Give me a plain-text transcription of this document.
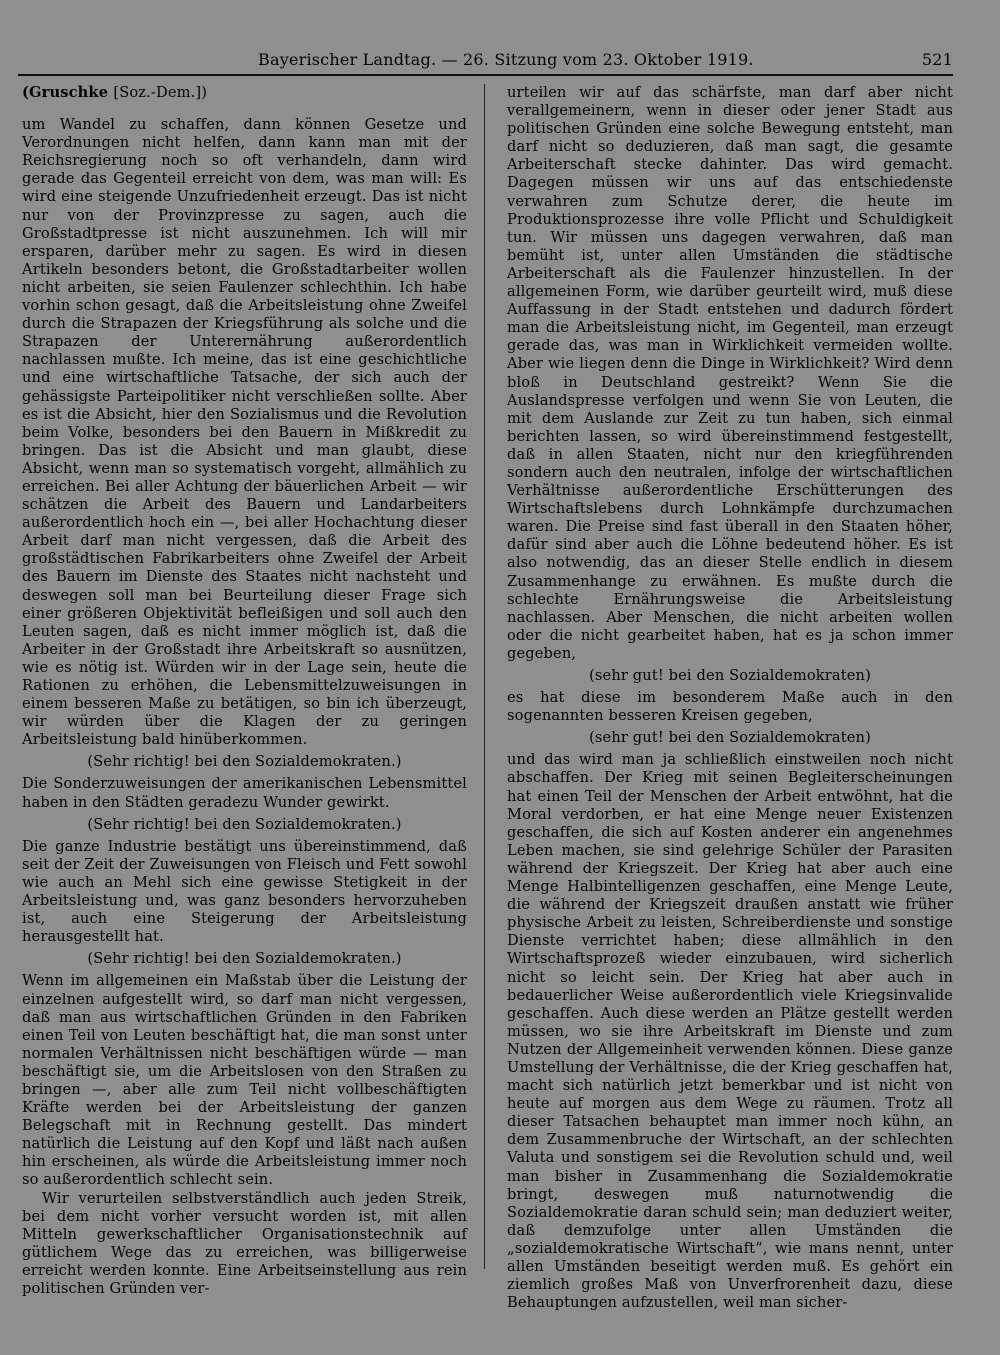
Bayerischer Landtag. — 26. Sitzung vom 23. Oktober 1919.	521

(Gruschke [Soz.-Dem.])

um Wandel zu schaffen, dann können Gesetze und Verordnungen nicht helfen, dann kann man mit der Reichsregierung noch so oft verhandeln, dann wird gerade das Gegenteil erreicht von dem, was man will: Es wird eine steigende Unzufriedenheit erzeugt. Das ist nicht nur von der Provinzpresse zu sagen, auch die Großstadtpresse ist nicht auszunehmen. Ich will mir ersparen, darüber mehr zu sagen. Es wird in diesen Artikeln besonders betont, die Großstadtarbeiter wollen nicht arbeiten, sie seien Faulenzer schlechthin. Ich habe vorhin schon gesagt, daß die Arbeitsleistung ohne Zweifel durch die Strapazen der Kriegsführung als solche und die Strapazen der Unterernährung außerordentlich nachlassen mußte. Ich meine, das ist eine geschichtliche und eine wirtschaftliche Tatsache, der sich auch der gehässigste Parteipolitiker nicht verschließen sollte. Aber es ist die Absicht, hier den Sozialismus und die Revolution beim Volke, besonders bei den Bauern in Mißkredit zu bringen. Das ist die Absicht und man glaubt, diese Absicht, wenn man so systematisch vorgeht, allmählich zu erreichen. Bei aller Achtung der bäuerlichen Arbeit — wir schätzen die Arbeit des Bauern und Landarbeiters außerordentlich hoch ein —, bei aller Hochachtung dieser Arbeit darf man nicht vergessen, daß die Arbeit des großstädtischen Fabrikarbeiters ohne Zweifel der Arbeit des Bauern im Dienste des Staates nicht nachsteht und deswegen soll man bei Beurteilung dieser Frage sich einer größeren Objektivität befleißigen und soll auch den Leuten sagen, daß es nicht immer möglich ist, daß die Arbeiter in der Großstadt ihre Arbeitskraft so ausnützen, wie es nötig ist. Würden wir in der Lage sein, heute die Rationen zu erhöhen, die Lebensmittelzuweisungen in einem besseren Maße zu betätigen, so bin ich überzeugt, wir würden über die Klagen der zu geringen Arbeitsleistung bald hinüberkommen.

(Sehr richtig! bei den Sozialdemokraten.)

Die Sonderzuweisungen der amerikanischen Lebensmittel haben in den Städten geradezu Wunder gewirkt.

(Sehr richtig! bei den Sozialdemokraten.)

Die ganze Industrie bestätigt uns übereinstimmend, daß seit der Zeit der Zuweisungen von Fleisch und Fett sowohl wie auch an Mehl sich eine gewisse Stetigkeit in der Arbeitsleistung und, was ganz besonders hervorzuheben ist, auch eine Steigerung der Arbeitsleistung herausgestellt hat.

(Sehr richtig! bei den Sozialdemokraten.)

Wenn im allgemeinen ein Maßstab über die Leistung der einzelnen aufgestellt wird, so darf man nicht vergessen, daß man aus wirtschaftlichen Gründen in den Fabriken einen Teil von Leuten beschäftigt hat, die man sonst unter normalen Verhältnissen nicht beschäftigen würde — man beschäftigt sie, um die Arbeitslosen von den Straßen zu bringen —, aber alle zum Teil nicht vollbeschäftigten Kräfte werden bei der Arbeitsleistung der ganzen Belegschaft mit in Rechnung gestellt. Das mindert natürlich die Leistung auf den Kopf und läßt nach außen hin erscheinen, als würde die Arbeitsleistung immer noch so außerordentlich schlecht sein.

Wir verurteilen selbstverständlich auch jeden Streik, bei dem nicht vorher versucht worden ist, mit allen Mitteln gewerkschaftlicher Organisationstechnik auf gütlichem Wege das zu erreichen, was billigerweise erreicht werden konnte. Eine Arbeitseinstellung aus rein politischen Gründen ver-

urteilen wir auf das schärfste, man darf aber nicht verallgemeinern, wenn in dieser oder jener Stadt aus politischen Gründen eine solche Bewegung entsteht, man darf nicht so deduzieren, daß man sagt, die gesamte Arbeiterschaft stecke dahinter. Das wird gemacht. Dagegen müssen wir uns auf das entschiedenste verwahren zum Schutze derer, die heute im Produktionsprozesse ihre volle Pflicht und Schuldigkeit tun. Wir müssen uns dagegen verwahren, daß man bemüht ist, unter allen Umständen die städtische Arbeiterschaft als die Faulenzer hinzustellen. In der allgemeinen Form, wie darüber geurteilt wird, muß diese Auffassung in der Stadt entstehen und dadurch fördert man die Arbeitsleistung nicht, im Gegenteil, man erzeugt gerade das, was man in Wirklichkeit vermeiden wollte. Aber wie liegen denn die Dinge in Wirklichkeit? Wird denn bloß in Deutschland gestreikt? Wenn Sie die Auslandspresse verfolgen und wenn Sie von Leuten, die mit dem Auslande zur Zeit zu tun haben, sich einmal berichten lassen, so wird übereinstimmend festgestellt, daß in allen Staaten, nicht nur den kriegführenden sondern auch den neutralen, infolge der wirtschaftlichen Verhältnisse außerordentliche Erschütterungen des Wirtschaftslebens durch Lohnkämpfe durchzumachen waren. Die Preise sind fast überall in den Staaten höher, dafür sind aber auch die Löhne bedeutend höher. Es ist also notwendig, das an dieser Stelle endlich in diesem Zusammenhange zu erwähnen. Es mußte durch die schlechte Ernährungsweise die Arbeitsleistung nachlassen. Aber Menschen, die nicht arbeiten wollen oder die nicht gearbeitet haben, hat es ja schon immer gegeben,

(sehr gut! bei den Sozialdemokraten)

es hat diese im besonderem Maße auch in den sogenannten besseren Kreisen gegeben,

(sehr gut! bei den Sozialdemokraten)

und das wird man ja schließlich einstweilen noch nicht abschaffen. Der Krieg mit seinen Begleiterscheinungen hat einen Teil der Menschen der Arbeit entwöhnt, hat die Moral verdorben, er hat eine Menge neuer Existenzen geschaffen, die sich auf Kosten anderer ein angenehmes Leben machen, sie sind gelehrige Schüler der Parasiten während der Kriegszeit. Der Krieg hat aber auch eine Menge Halbintelligenzen geschaffen, eine Menge Leute, die während der Kriegszeit draußen anstatt wie früher physische Arbeit zu leisten, Schreiberdienste und sonstige Dienste verrichtet haben; diese allmählich in den Wirtschaftsprozeß wieder einzubauen, wird sicherlich nicht so leicht sein. Der Krieg hat aber auch in bedauerlicher Weise außerordentlich viele Kriegsinvalide geschaffen. Auch diese werden an Plätze gestellt werden müssen, wo sie ihre Arbeitskraft im Dienste und zum Nutzen der Allgemeinheit verwenden können. Diese ganze Umstellung der Verhältnisse, die der Krieg geschaffen hat, macht sich natürlich jetzt bemerkbar und ist nicht von heute auf morgen aus dem Wege zu räumen. Trotz all dieser Tatsachen behauptet man immer noch kühn, an dem Zusammenbruche der Wirtschaft, an der schlechten Valuta und sonstigem sei die Revolution schuld und, weil man bisher in Zusammenhang die Sozialdemokratie bringt, deswegen muß naturnotwendig die Sozialdemokratie daran schuld sein; man deduziert weiter, daß demzufolge unter allen Umständen die „sozialdemokratische Wirtschaft“, wie mans nennt, unter allen Umständen beseitigt werden muß. Es gehört ein ziemlich großes Maß von Unverfrorenheit dazu, diese Behauptungen aufzustellen, weil man sicher-
